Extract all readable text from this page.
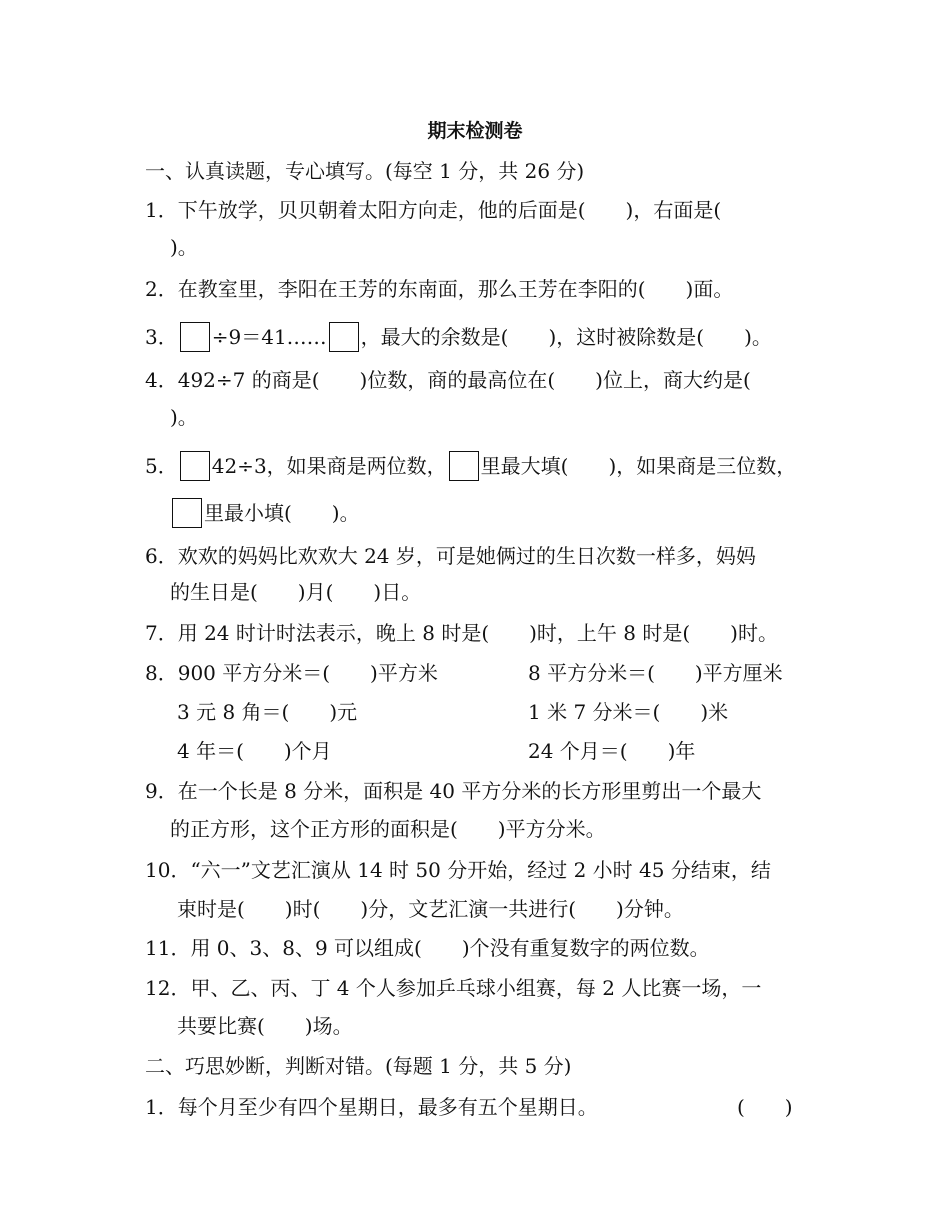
期末检测卷
一、认真读题，专心填写。(每空 1 分，共 26 分)
1．下午放学，贝贝朝着太阳方向走，他的后面是(　　)，右面是(
)。
2．在教室里，李阳在王芳的东南面，那么王芳在李阳的(　　)面。
3． ÷9＝41…… ，最大的余数是(　　)，这时被除数是(　　)。
4．492÷7 的商是(　　)位数，商的最高位在(　　)位上，商大约是(
)。
5． 42÷3，如果商是两位数， 里最大填(　　)，如果商是三位数，
里最小填(　　)。
6．欢欢的妈妈比欢欢大 24 岁，可是她俩过的生日次数一样多，妈妈
的生日是(　　)月(　　)日。
7．用 24 时计时法表示，晚上 8 时是(　　)时，上午 8 时是(　　)时。
8．900 平方分米＝(　　)平方米	8 平方分米＝(　　)平方厘米
3 元 8 角＝(　　)元	1 米 7 分米＝(　　)米
4 年＝(　　)个月	24 个月＝(　　)年
9．在一个长是 8 分米，面积是 40 平方分米的长方形里剪出一个最大
的正方形，这个正方形的面积是(　　)平方分米。
10．“六一”文艺汇演从 14 时 50 分开始，经过 2 小时 45 分结束，结
束时是(　　)时(　　)分，文艺汇演一共进行(　　)分钟。
11．用 0、3、8、9 可以组成(　　)个没有重复数字的两位数。
12．甲、乙、丙、丁 4 个人参加乒乓球小组赛，每 2 人比赛一场，一
共要比赛(　　)场。
二、巧思妙断，判断对错。(每题 1 分，共 5 分)
1．每个月至少有四个星期日，最多有五个星期日。	(　　)
